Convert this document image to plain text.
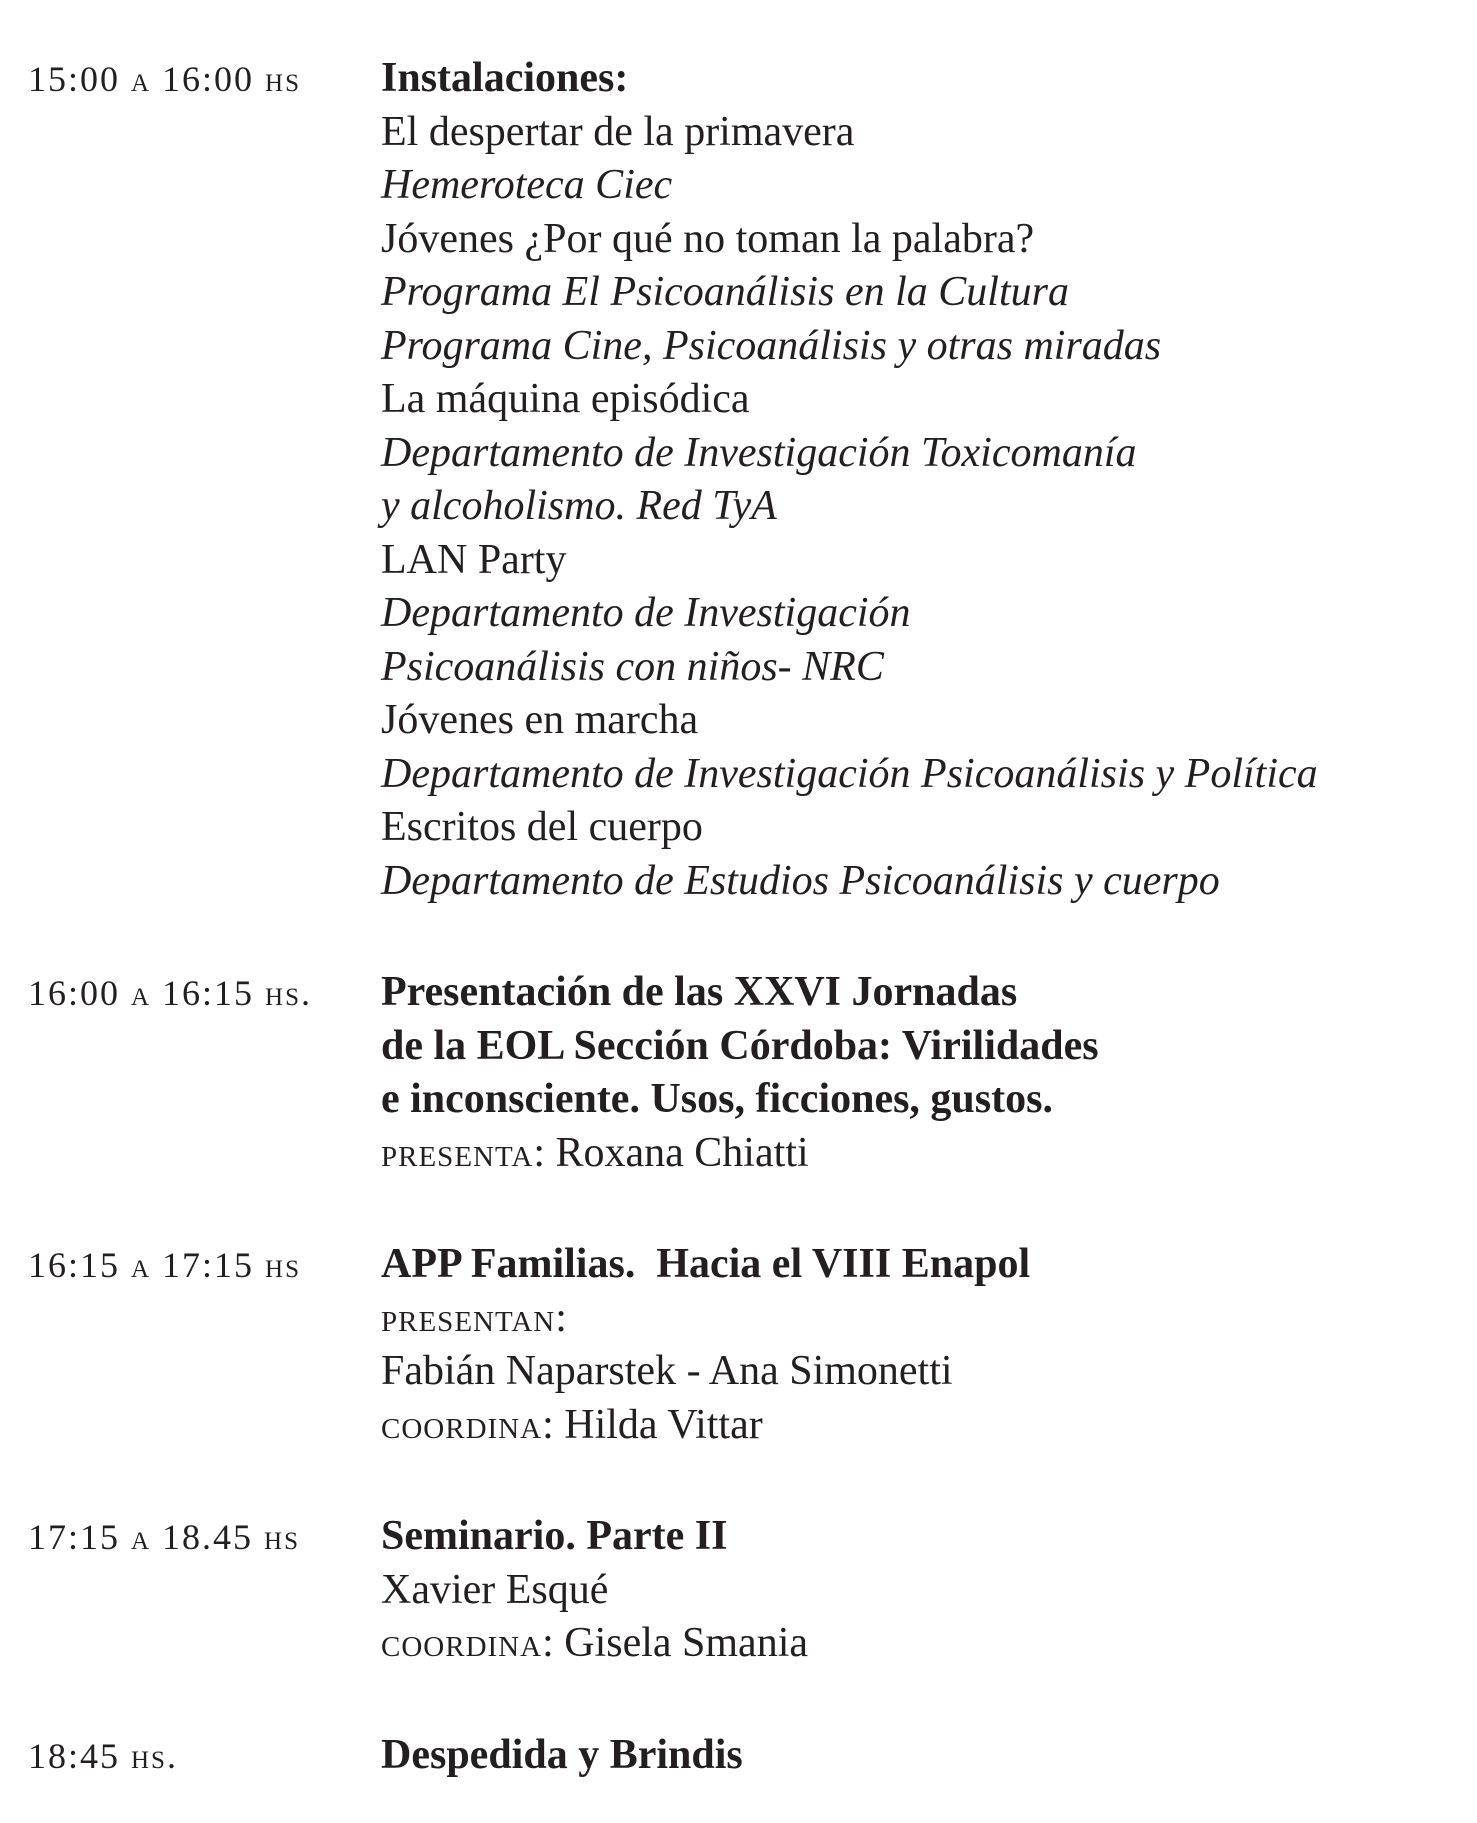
15:00 a 16:00 hs	Instalaciones:
El despertar de la primavera
Hemeroteca Ciec
Jóvenes ¿Por qué no toman la palabra?
Programa El Psicoanálisis en la Cultura
Programa Cine, Psicoanálisis y otras miradas
La máquina episódica
Departamento de Investigación Toxicomanía
y alcoholismo. Red TyA
LAN Party
Departamento de Investigación
Psicoanálisis con niños- NRC
Jóvenes en marcha
Departamento de Investigación Psicoanálisis y Política
Escritos del cuerpo
Departamento de Estudios Psicoanálisis y cuerpo
16:00 a 16:15 hs.	Presentación de las XXVI Jornadas
de la EOL Sección Córdoba: Virilidades
e inconsciente. Usos, ficciones, gustos.
presenta: Roxana Chiatti
16:15 a 17:15 hs	APP Familias.  Hacia el VIII Enapol
presentan:
Fabián Naparstek - Ana Simonetti
coordina: Hilda Vittar
17:15 a 18.45 hs	Seminario. Parte II
Xavier Esqué
coordina: Gisela Smania
18:45 hs.	Despedida y Brindis
